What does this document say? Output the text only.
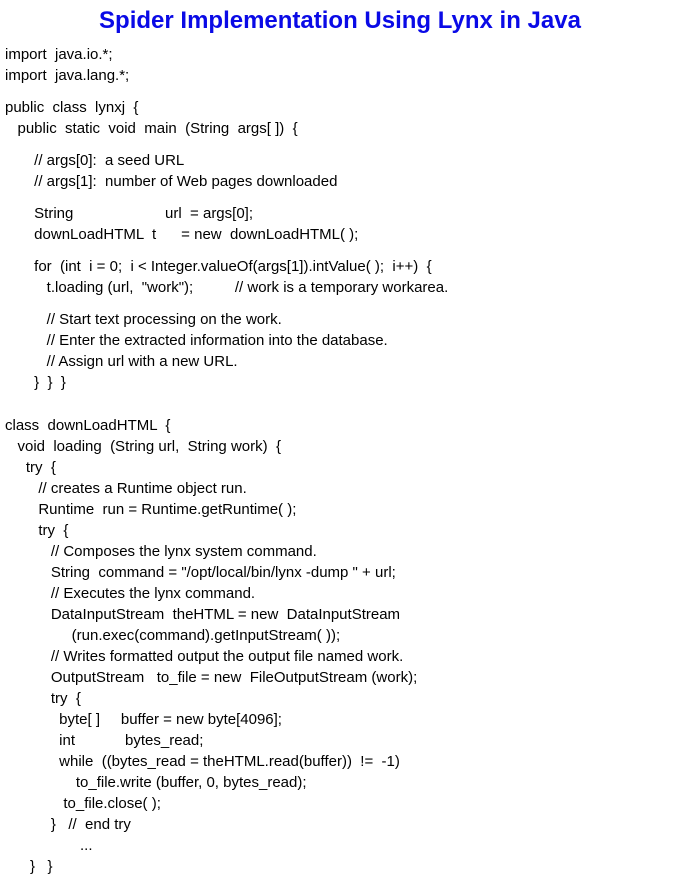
Spider Implementation Using Lynx in Java
import  java.io.*;
import  java.lang.*;
public  class  lynxj  {
public  static  void  main  (String  args[ ])  {
// args[0]:  a seed URL
// args[1]:  number of Web pages downloaded
String                      url  = args[0];
downLoadHTML  t      = new  downLoadHTML( );
for  (int  i = 0;  i < Integer.valueOf(args[1]).intValue( );  i++)  {
t.loading (url,  "work");          // work is a temporary workarea.
// Start text processing on the work.
// Enter the extracted information into the database.
// Assign url with a new URL.
}  }  }
class  downLoadHTML  {
void  loading  (String url,  String work)  {
try  {
// creates a Runtime object run.
Runtime  run = Runtime.getRuntime( );
try  {
// Composes the lynx system command.
String  command = "/opt/local/bin/lynx -dump " + url;
// Executes the lynx command.
DataInputStream  theHTML = new  DataInputStream
(run.exec(command).getInputStream( ));
// Writes formatted output the output file named work.
OutputStream   to_file = new  FileOutputStream (work);
try  {
byte[ ]     buffer = new byte[4096];
int            bytes_read;
while  ((bytes_read = theHTML.read(buffer))  !=  -1)
to_file.write (buffer, 0, bytes_read);
to_file.close( );
}   //  end try
...
}   }
